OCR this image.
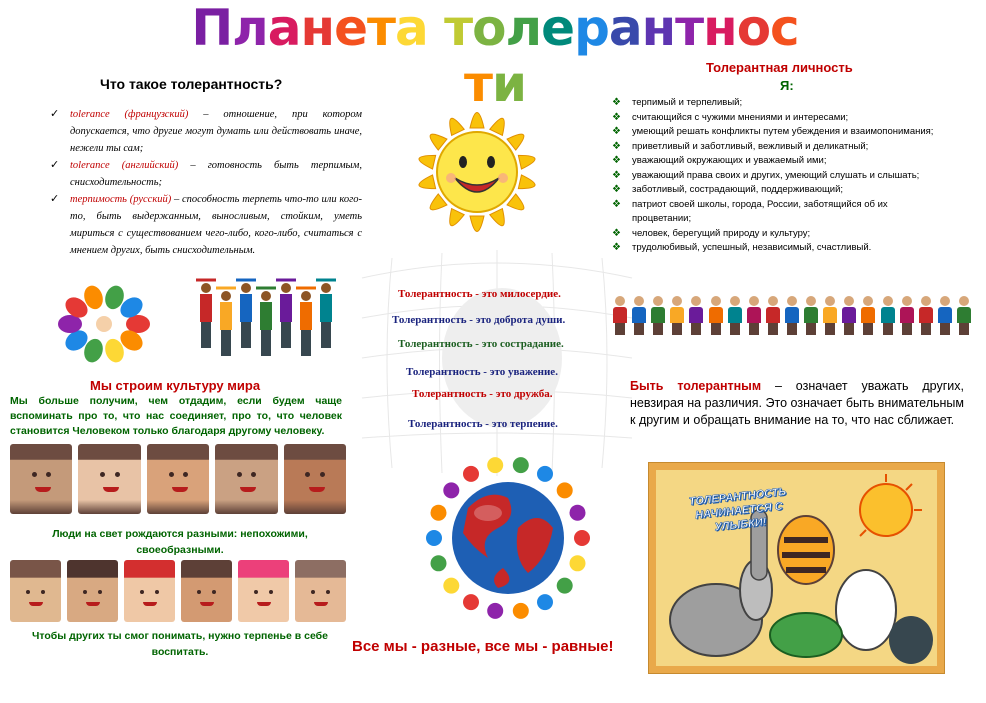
Планета толерантности
Что такое толерантность?
✓ tolerance (французский) – отношение, при котором допускается, что другие могут думать или действовать иначе, нежели ты сам;
✓ tolerance (английский) – готовность быть терпимым, снисходительность;
✓ терпимость (русский) – способность терпеть что-то или кого-то, быть выдержанным, выносливым, стойким, уметь мириться с существованием чего-либо, кого-либо, считаться с мнением других, быть снисходительным.
Мы строим культуру мира
Мы больше получим, чем отдадим, если будем чаще вспоминать про то, что нас соединяет, про то, что человек становится Человеком только благодаря другому человеку.
Люди на свет рождаются разными: непохожими, своеобразными.
Чтобы других ты смог понимать, нужно терпенье в себе воспитать.
Толерантность - это милосердие.
Толерантность - это доброта души.
Толерантность - это сострадание.
Толерантность - это уважение.
Толерантность - это дружба.
Толерантность - это терпение.
Все мы - разные, все мы - равные!
Толерантная личность
Я:
❖ терпимый и терпеливый;
❖ считающийся с чужими мнениями и интересами;
❖ умеющий решать конфликты путем убеждения и взаимопонимания;
❖ приветливый и заботливый, вежливый и деликатный;
❖ уважающий окружающих и уважаемый ими;
❖ уважающий права своих и других, умеющий слушать и слышать;
❖ заботливый, сострадающий, поддерживающий;
❖ патриот своей школы, города, России, заботящийся об их процветании;
❖ человек, берегущий природу и культуру;
❖ трудолюбивый, успешный, независимый, счастливый.
Быть толерантным – означает уважать других, невзирая на различия. Это означает быть внимательным к другим и обращать внимание на то, что нас сближает.
ТОЛЕРАНТНОСТЬ НАЧИНАЕТСЯ С УЛЫБКИ!
